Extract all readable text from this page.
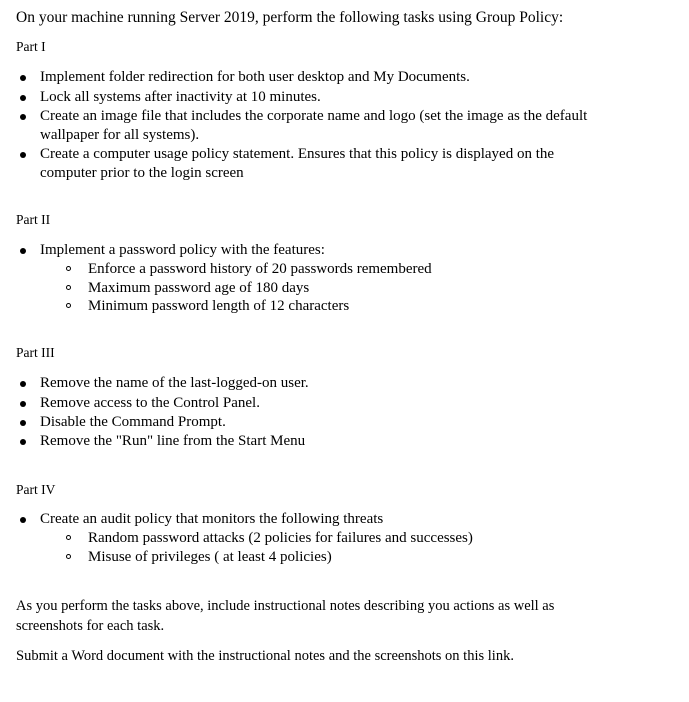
On your machine running Server 2019, perform the following tasks using Group Policy:
Part I
Implement folder redirection for both user desktop and My Documents.
Lock all systems after inactivity at 10 minutes.
Create an image file that includes the corporate name and logo (set the image as the default
wallpaper for all systems).
Create a computer usage policy statement. Ensures that this policy is displayed on the
computer prior to the login screen
Part II
Implement a password policy with the features:
Enforce a password history of 20 passwords remembered
Maximum password age of 180 days
Minimum password length of 12 characters
Part III
Remove the name of the last-logged-on user.
Remove access to the Control Panel.
Disable the Command Prompt.
Remove the "Run" line from the Start Menu
Part IV
Create an audit policy that monitors the following threats
Random password attacks (2 policies for failures and successes)
Misuse of privileges ( at least 4 policies)
As you perform the tasks above, include instructional notes describing you actions as well as
screenshots for each task.
Submit a Word document with the instructional notes and the screenshots on this link.
